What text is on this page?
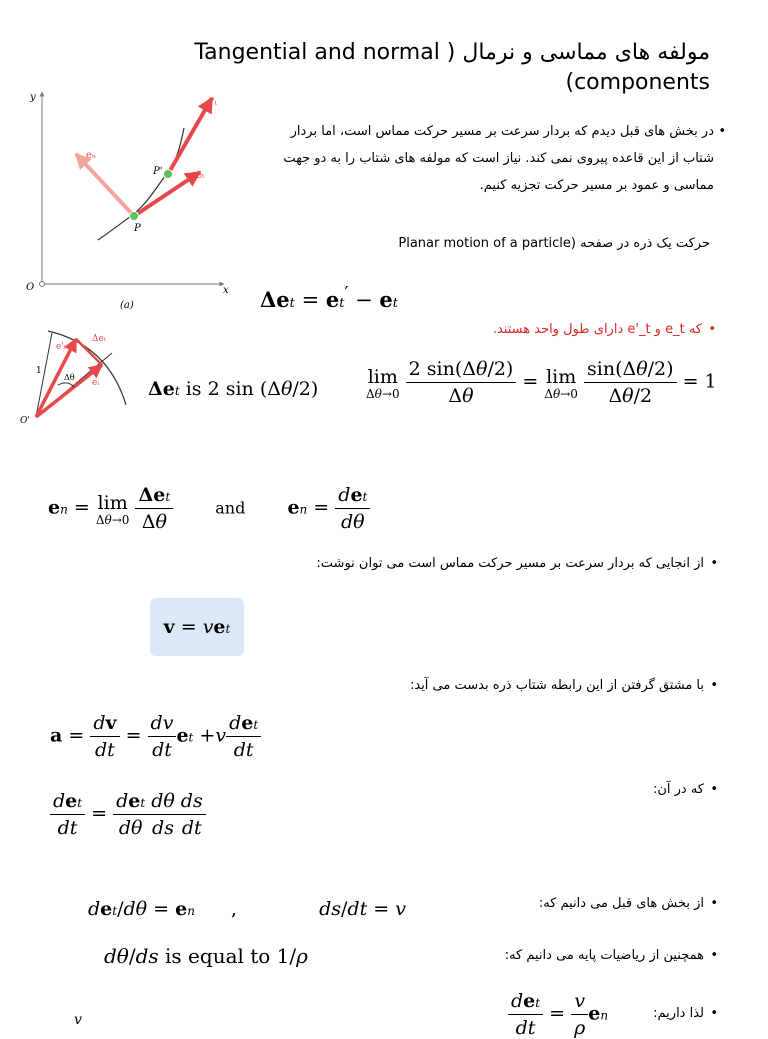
مولفه های مماسی و نرمال ( Tangential and normal components)
y
x
O
eₙ
eₜ
e'ₜ
P
P'
(a)
در بخش های قبل دیدم که بردار سرعت بر مسیر حرکت مماس است، اما بردار شتاب از این قاعده پیروی نمی کند. نیاز است که مولفه های شتاب را به دو جهت مماسی و عمود بر مسیر حرکت تجزیه کنیم.
•
حرکت یک ذره در صفحه (Planar motion of a particle
Δet = et′ − et
که e_t و e'_t دارای طول واحد هستند. •
O'
e'ₜ
eₜ
Δeₜ
Δθ
1
Δet is 2 sin (Δθ/2)
lim
Δθ→0
$\frac{2 \sin(\Delta\theta/2)}{\Delta\theta} = \lim$
Δθ→0
$\frac{\sin(\Delta\theta/2)}{\Delta\theta/2} = 1$
en = lim
Δθ→0
$\frac{\text{Δet}}{\Delta\theta}$	and en = $\frac{\det}{d\theta}$
از انجایی که بردار سرعت بر مسیر حرکت مماس است می توان نوشت: •
v = vet
با مشتق گرفتن از این رابطه شتاب ذره بدست می آید: •
$a = \frac{dv}{dt} = \frac{dv}{dt}$ et $+v \frac{\det}{dt}$
که در آن: •
$\frac{\det}{dt} = \frac{\det}{d\theta} \frac{d\theta}{ds} \frac{ds}{dt}$
از بخش های قبل می دانیم که: •
det/dθ = en ,	ds/dt = v
همچنین از ریاضیات پایه می دانیم که: •
dθ/ds is equal to 1/ρ
لذا داریم: •
$\frac{\det}{dt} = \frac{v}{\rho}$ en
v
